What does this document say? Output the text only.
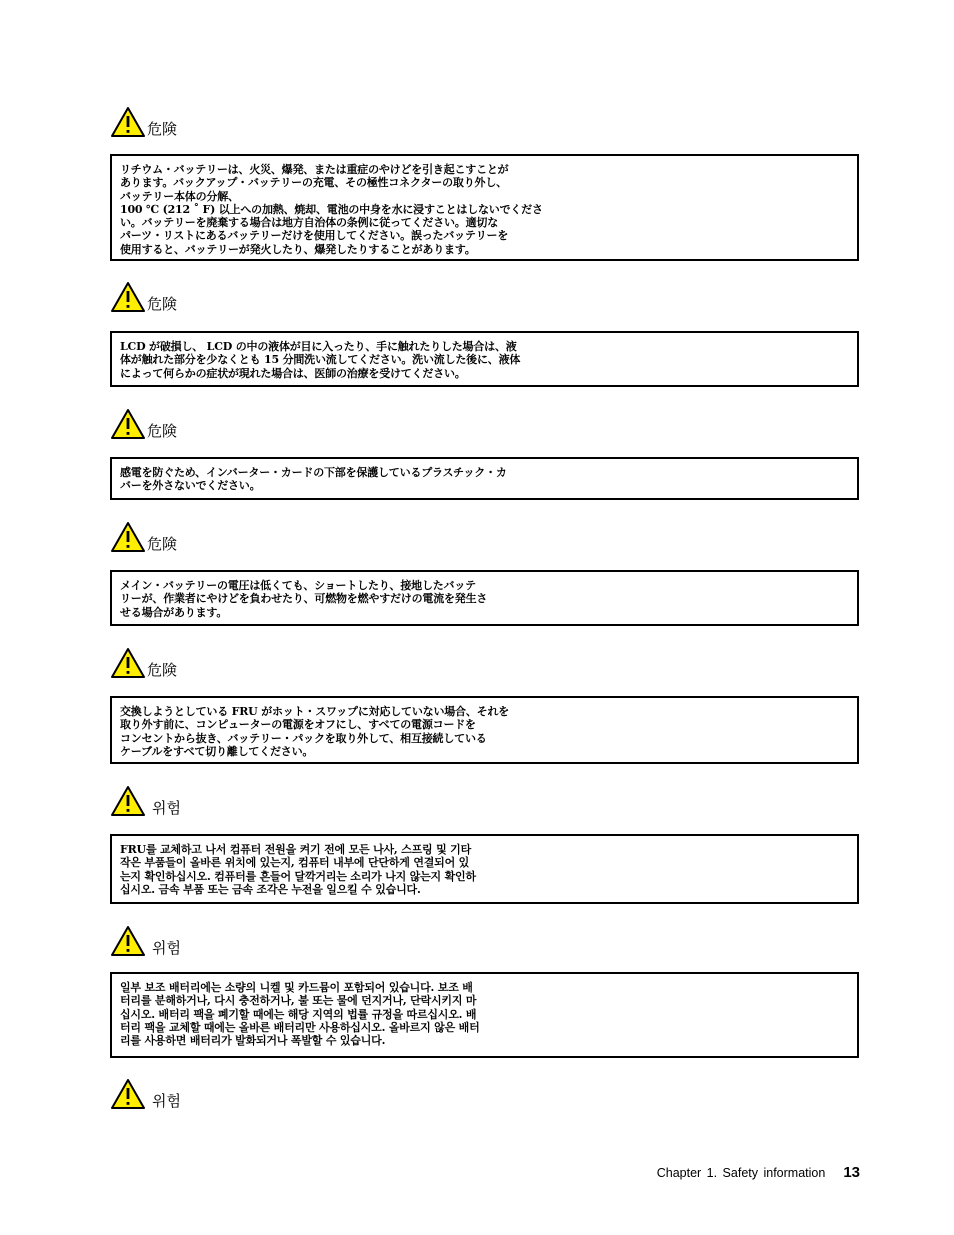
危険
リチウム・バッテリーは、火災、爆発、または重症のやけどを引き起こすことが
あります。バックアップ・バッテリーの充電、その極性コネクターの取り外し、
バッテリー本体の分解、
100 ℃ (212 ˚ F) 以上への加熱、焼却、電池の中身を水に浸すことはしないでくださ
い。バッテリーを廃棄する場合は地方自治体の条例に従ってください。適切な
パーツ・リストにあるバッテリーだけを使用してください。誤ったバッテリーを
使用すると、バッテリーが発火したり、爆発したりすることがあります。
危険
LCD が破損し、 LCD の中の液体が目に入ったり、手に触れたりした場合は、液
体が触れた部分を少なくとも 15 分間洗い流してください。洗い流した後に、液体
によって何らかの症状が現れた場合は、医師の治療を受けてください。
危険
感電を防ぐため、インバーター・カードの下部を保護しているプラスチック・カ
バーを外さないでください。
危険
メイン・バッテリーの電圧は低くても、ショートしたり、接地したバッテ
リーが、作業者にやけどを負わせたり、可燃物を燃やすだけの電流を発生さ
せる場合があります。
危険
交換しようとしている FRU がホット・スワップに対応していない場合、それを
取り外す前に、コンピューターの電源をオフにし、すべての電源コードを
コンセントから抜き、バッテリー・パックを取り外して、相互接続している
ケーブルをすべて切り離してください。
위험
FRU를 교체하고 나서 컴퓨터 전원을 켜기 전에 모든 나사, 스프링 및 기타
작은 부품들이 올바른 위치에 있는지, 컴퓨터 내부에 단단하게 연결되어 있
는지 확인하십시오. 컴퓨터를 흔들어 달깍거리는 소리가 나지 않는지 확인하
십시오. 금속 부품 또는 금속 조각은 누전을 일으킬 수 있습니다.
위험
일부 보조 배터리에는 소량의 니켈 및 카드뮴이 포함되어 있습니다. 보조 배
터리를 분해하거나, 다시 충전하거나, 불 또는 물에 던지거나, 단락시키지 마
십시오. 배터리 팩을 폐기할 때에는 해당 지역의 법률 규정을 따르십시오. 배
터리 팩을 교체할 때에는 올바른 배터리만 사용하십시오. 올바르지 않은 배터
리를 사용하면 배터리가 발화되거나 폭발할 수 있습니다.
위험
Chapter 1. Safety information 13
